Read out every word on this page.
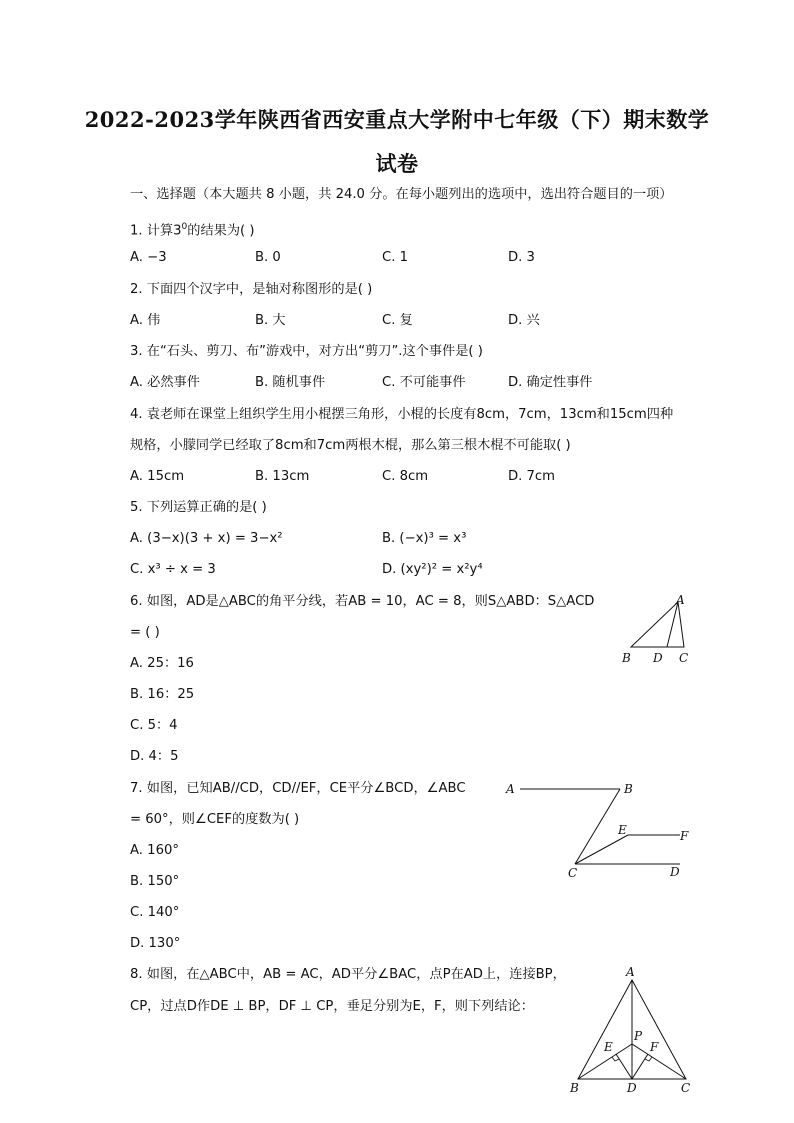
2022-2023学年陕西省西安重点大学附中七年级（下）期末数学
试卷
一、选择题（本大题共 8 小题，共 24.0 分。在每小题列出的选项中，选出符合题目的一项）
1. 计算$3^0$的结果为( )
A. −3	B. 0	C. 1	D. 3
2. 下面四个汉字中，是轴对称图形的是( )
A. 伟	B. 大	C. 复	D. 兴
3. 在“石头、剪刀、布”游戏中，对方出“剪刀”.这个事件是( )
A. 必然事件	B. 随机事件	C. 不可能事件	D. 确定性事件
4. 袁老师在课堂上组织学生用小棍摆三角形，小棍的长度有8cm，7cm，13cm和15cm四种
规格，小朦同学已经取了8cm和7cm两根木棍，那么第三根木棍不可能取( )
A. 15cm	B. 13cm	C. 8cm	D. 7cm
5. 下列运算正确的是( )
A. (3−x)(3 + x) = 3−x²	B. (−x)³ = x³
C. x³ ÷ x = 3	D. (xy²)² = x²y⁴
6. 如图，AD是△ABC的角平分线，若AB = 10，AC = 8，则S△ABD：S△ACD
= ( )
A. 25：16
B. 16：25
C. 5：4
D. 4：5
A
B D C
7. 如图，已知AB//CD，CD//EF，CE平分∠BCD，∠ABC
= 60°，则∠CEF的度数为( )
A. 160°
B. 150°
C. 140°
D. 130°
A	B
E	F
C	D
8. 如图，在△ABC中，AB = AC，AD平分∠BAC，点P在AD上，连接BP，
CP，过点D作DE ⊥ BP，DF ⊥ CP，垂足分别为E，F，则下列结论：
A
P
E	F
B	D	C
